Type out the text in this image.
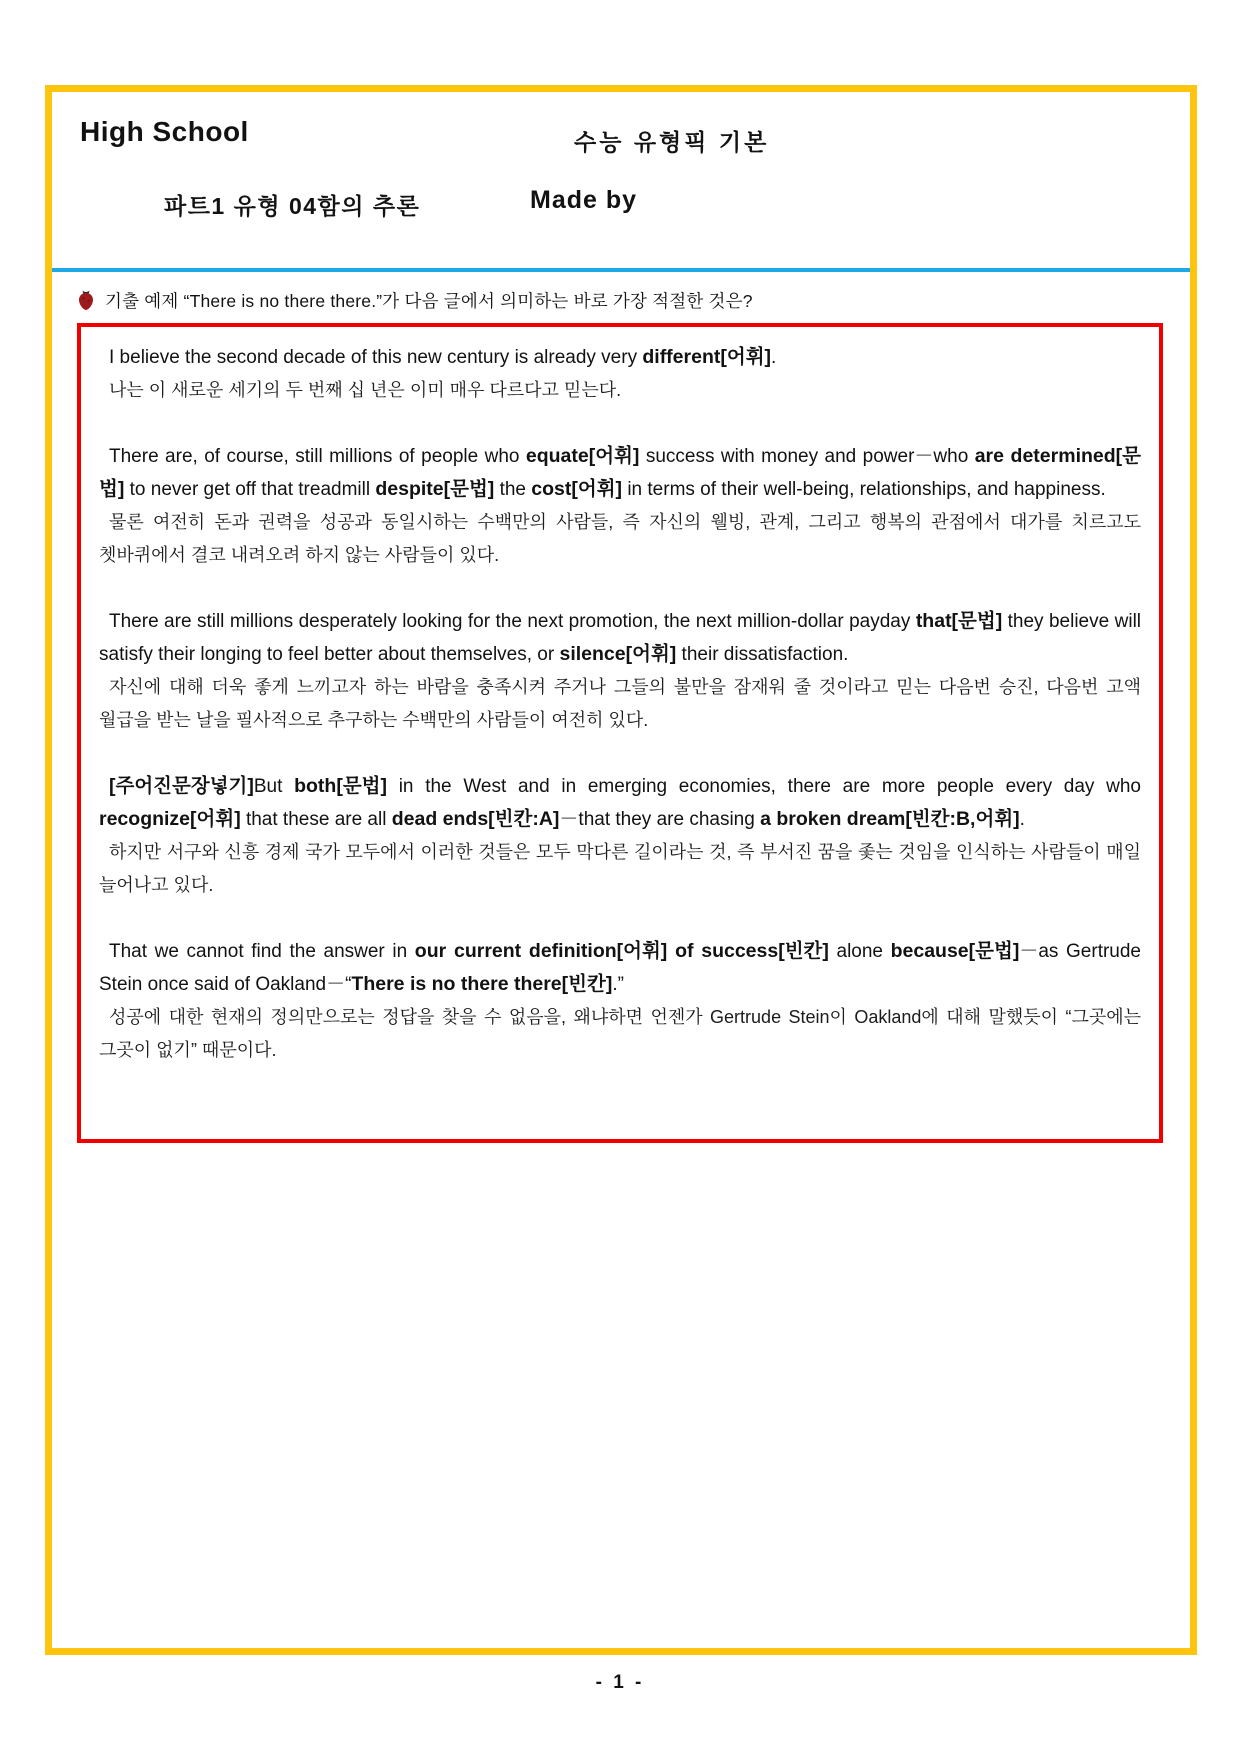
High School	수능 유형픽 기본
파트1 유형 04함의 추론	Made by
기출 예제 “There is no there there.”가 다음 글에서 의미하는 바로 가장 적절한 것은?

I believe the second decade of this new century is already very different[어휘].

나는 이 새로운 세기의 두 번째 십 년은 이미 매우 다르다고 믿는다.

There are, of course, still millions of people who equate[어휘] success with money and power－who are determined[문법] to never get off that treadmill despite[문법] the cost[어휘] in terms of their well-being, relationships, and happiness.

물론 여전히 돈과 권력을 성공과 동일시하는 수백만의 사람들, 즉 자신의 웰빙, 관계, 그리고 행복의 관점에서 대가를 치르고도 쳇바퀴에서 결코 내려오려 하지 않는 사람들이 있다.

There are still millions desperately looking for the next promotion, the next million-dollar payday that[문법] they believe will satisfy their longing to feel better about themselves, or silence[어휘] their dissatisfaction.

자신에 대해 더욱 좋게 느끼고자 하는 바람을 충족시켜 주거나 그들의 불만을 잠재워 줄 것이라고 믿는 다음번 승진, 다음번 고액 월급을 받는 날을 필사적으로 추구하는 수백만의 사람들이 여전히 있다.

[주어진문장넣기]But both[문법] in the West and in emerging economies, there are more people every day who recognize[어휘] that these are all dead ends[빈칸:A]－that they are chasing a broken dream[빈칸:B,어휘].

하지만 서구와 신흥 경제 국가 모두에서 이러한 것들은 모두 막다른 길이라는 것, 즉 부서진 꿈을 좇는 것임을 인식하는 사람들이 매일 늘어나고 있다.

That we cannot find the answer in our current definition[어휘] of success[빈칸] alone because[문법]－as Gertrude Stein once said of Oakland－“There is no there there[빈칸].”

성공에 대한 현재의 정의만으로는 정답을 찾을 수 없음을, 왜냐하면 언젠가 Gertrude Stein이 Oakland에 대해 말했듯이 “그곳에는 그곳이 없기” 때문이다.

- 1 -
